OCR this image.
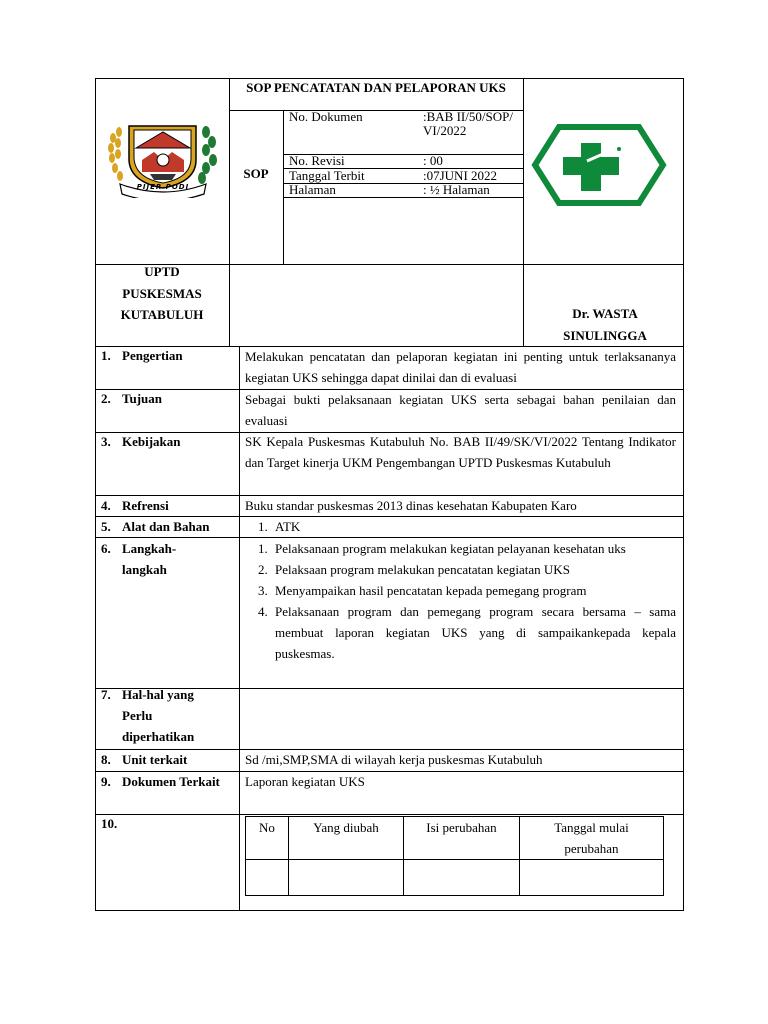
SOP PENCATATAN DAN PELAPORAN UKS
SOP
No. Dokumen	:BAB II/50/SOP/VI/2022
No. Revisi	: 00
Tanggal Terbit	:07JUNI 2022
Halaman	: ½ Halaman
PIJER PODI
UPTD
PUSKESMAS
KUTABULUH	Dr. WASTA SINULINGGA
1. Pengertian	Melakukan pencatatan dan pelaporan kegiatan ini penting untuk terlaksananya kegiatan UKS sehingga dapat dinilai dan di evaluasi
2. Tujuan	Sebagai bukti pelaksanaan kegiatan UKS serta sebagai bahan penilaian dan evaluasi
3. Kebijakan	SK Kepala Puskesmas Kutabuluh No. BAB II/49/SK/VI/2022 Tentang Indikator dan Target kinerja UKM Pengembangan UPTD Puskesmas Kutabuluh
4. Refrensi	Buku standar puskesmas 2013 dinas kesehatan Kabupaten Karo
5. Alat dan Bahan	1. ATK
6. Langkah-langkah
1. Pelaksanaan program melakukan kegiatan pelayanan kesehatan uks
2. Pelaksaan program melakukan pencatatan kegiatan UKS
3. Menyampaikan hasil pencatatan kepada pemegang program
4. Pelaksanaan program dan pemegang program secara bersama – sama membuat laporan kegiatan UKS yang di sampaikankepada kepala puskesmas.
7. Hal-hal yang Perlu diperhatikan
8. Unit terkait	Sd /mi,SMP,SMA di wilayah kerja puskesmas Kutabuluh
9. Dokumen Terkait	Laporan kegiatan UKS
10.	No	Yang diubah	Isi perubahan	Tanggal mulai perubahan
